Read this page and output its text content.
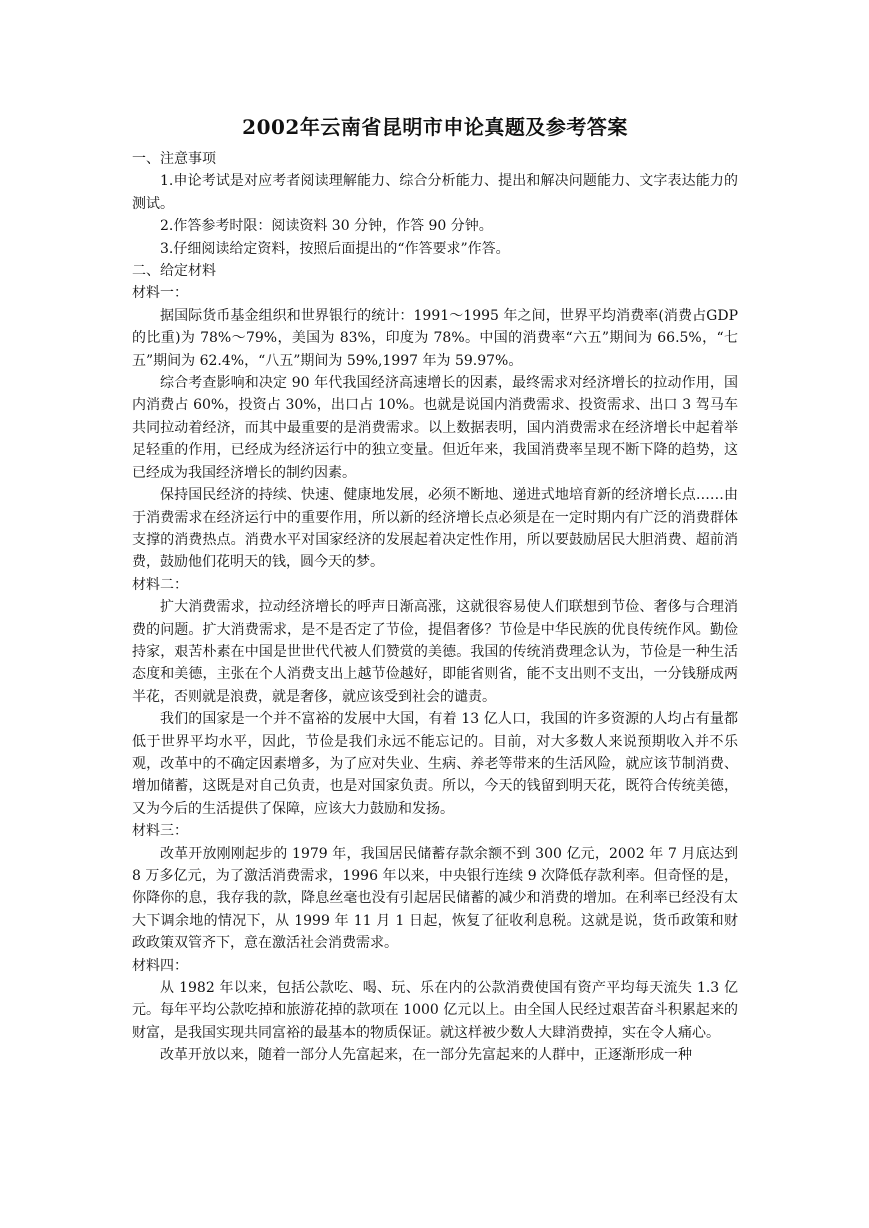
2002年云南省昆明市申论真题及参考答案

一、注意事项

1.申论考试是对应考者阅读理解能力、综合分析能力、提出和解决问题能力、文字表达能力的测试。

2.作答参考时限：阅读资料 30 分钟，作答 90 分钟。

3.仔细阅读给定资料，按照后面提出的“作答要求”作答。

二、给定材料

材料一：

据国际货币基金组织和世界银行的统计：1991～1995 年之间，世界平均消费率(消费占GDP 的比重)为 78%～79%，美国为 83%，印度为 78%。中国的消费率“六五”期间为 66.5%，“七五”期间为 62.4%，“八五”期间为 59%,1997 年为 59.97%。

综合考查影响和决定 90 年代我国经济高速增长的因素，最终需求对经济增长的拉动作用，国内消费占 60%，投资占 30%，出口占 10%。也就是说国内消费需求、投资需求、出口 3 驾马车共同拉动着经济，而其中最重要的是消费需求。以上数据表明，国内消费需求在经济增长中起着举足轻重的作用，已经成为经济运行中的独立变量。但近年来，我国消费率呈现不断下降的趋势，这已经成为我国经济增长的制约因素。

保持国民经济的持续、快速、健康地发展，必须不断地、递进式地培育新的经济增长点……由于消费需求在经济运行中的重要作用，所以新的经济增长点必须是在一定时期内有广泛的消费群体支撑的消费热点。消费水平对国家经济的发展起着决定性作用，所以要鼓励居民大胆消费、超前消费，鼓励他们花明天的钱，圆今天的梦。

材料二：

扩大消费需求，拉动经济增长的呼声日渐高涨，这就很容易使人们联想到节俭、奢侈与合理消费的问题。扩大消费需求，是不是否定了节俭，提倡奢侈？节俭是中华民族的优良传统作风。勤俭持家，艰苦朴素在中国是世世代代被人们赞赏的美德。我国的传统消费理念认为，节俭是一种生活态度和美德，主张在个人消费支出上越节俭越好，即能省则省，能不支出则不支出，一分钱掰成两半花，否则就是浪费，就是奢侈，就应该受到社会的谴责。

我们的国家是一个并不富裕的发展中大国，有着 13 亿人口，我国的许多资源的人均占有量都低于世界平均水平，因此，节俭是我们永远不能忘记的。目前，对大多数人来说预期收入并不乐观，改革中的不确定因素增多，为了应对失业、生病、养老等带来的生活风险，就应该节制消费、增加储蓄，这既是对自己负责，也是对国家负责。所以，今天的钱留到明天花，既符合传统美德，又为今后的生活提供了保障，应该大力鼓励和发扬。

材料三：

改革开放刚刚起步的 1979 年，我国居民储蓄存款余额不到 300 亿元，2002 年 7 月底达到 8 万多亿元，为了激活消费需求，1996 年以来，中央银行连续 9 次降低存款利率。但奇怪的是，你降你的息，我存我的款，降息丝毫也没有引起居民储蓄的减少和消费的增加。在利率已经没有太大下调余地的情况下，从 1999 年 11 月 1 日起，恢复了征收利息税。这就是说，货币政策和财政政策双管齐下，意在激活社会消费需求。

材料四：

从 1982 年以来，包括公款吃、喝、玩、乐在内的公款消费使国有资产平均每天流失 1.3 亿元。每年平均公款吃掉和旅游花掉的款项在 1000 亿元以上。由全国人民经过艰苦奋斗积累起来的财富，是我国实现共同富裕的最基本的物质保证。就这样被少数人大肆消费掉，实在令人痛心。

改革开放以来，随着一部分人先富起来，在一部分先富起来的人群中，正逐渐形成一种
